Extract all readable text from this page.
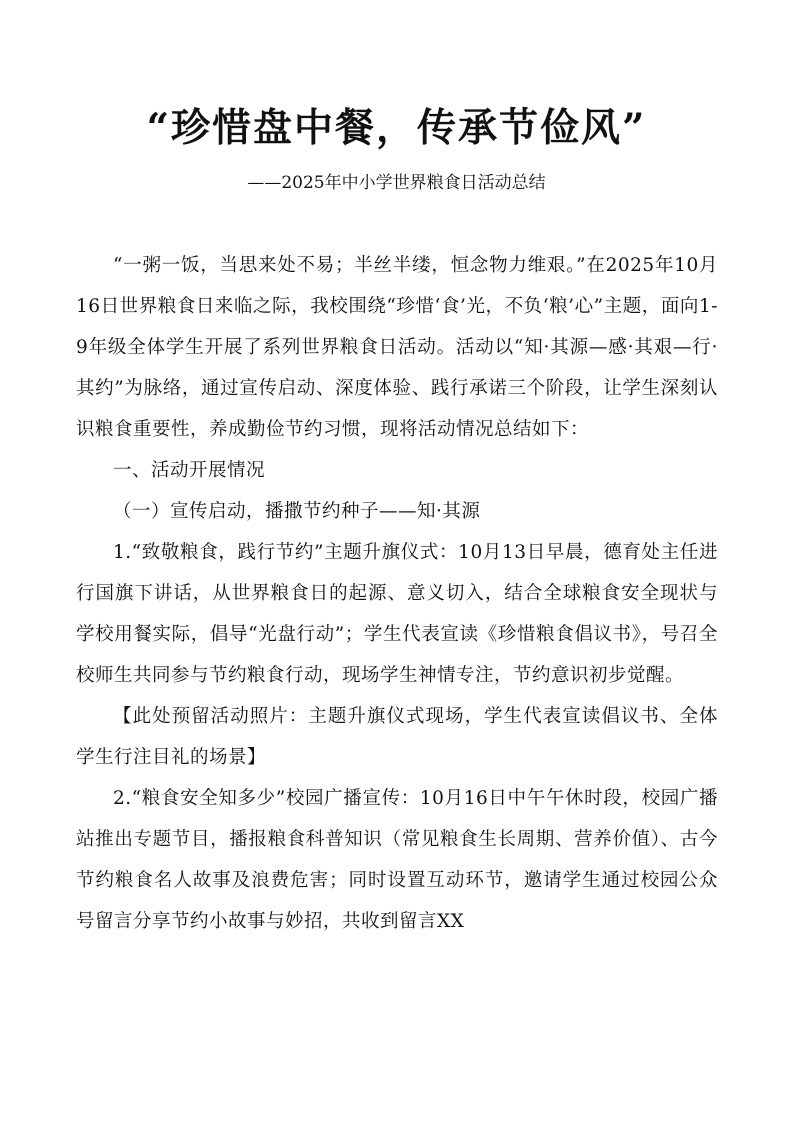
“珍惜盘中餐，传承节俭风”

——2025年中小学世界粮食日活动总结

“一粥一饭，当思来处不易；半丝半缕，恒念物力维艰。”在2025年10月16日世界粮食日来临之际，我校围绕“珍惜‘食’光，不负‘粮’心”主题，面向1-9年级全体学生开展了系列世界粮食日活动。活动以“知·其源—感·其艰—行·其约”为脉络，通过宣传启动、深度体验、践行承诺三个阶段，让学生深刻认识粮食重要性，养成勤俭节约习惯，现将活动情况总结如下：

一、活动开展情况

（一）宣传启动，播撒节约种子——知·其源

1.“致敬粮食，践行节约”主题升旗仪式：10月13日早晨，德育处主任进行国旗下讲话，从世界粮食日的起源、意义切入，结合全球粮食安全现状与学校用餐实际，倡导“光盘行动”；学生代表宣读《珍惜粮食倡议书》，号召全校师生共同参与节约粮食行动，现场学生神情专注，节约意识初步觉醒。

【此处预留活动照片：主题升旗仪式现场，学生代表宣读倡议书、全体学生行注目礼的场景】

2.“粮食安全知多少”校园广播宣传：10月16日中午午休时段，校园广播站推出专题节目，播报粮食科普知识（常见粮食生长周期、营养价值）、古今节约粮食名人故事及浪费危害；同时设置互动环节，邀请学生通过校园公众号留言分享节约小故事与妙招，共收到留言XX
